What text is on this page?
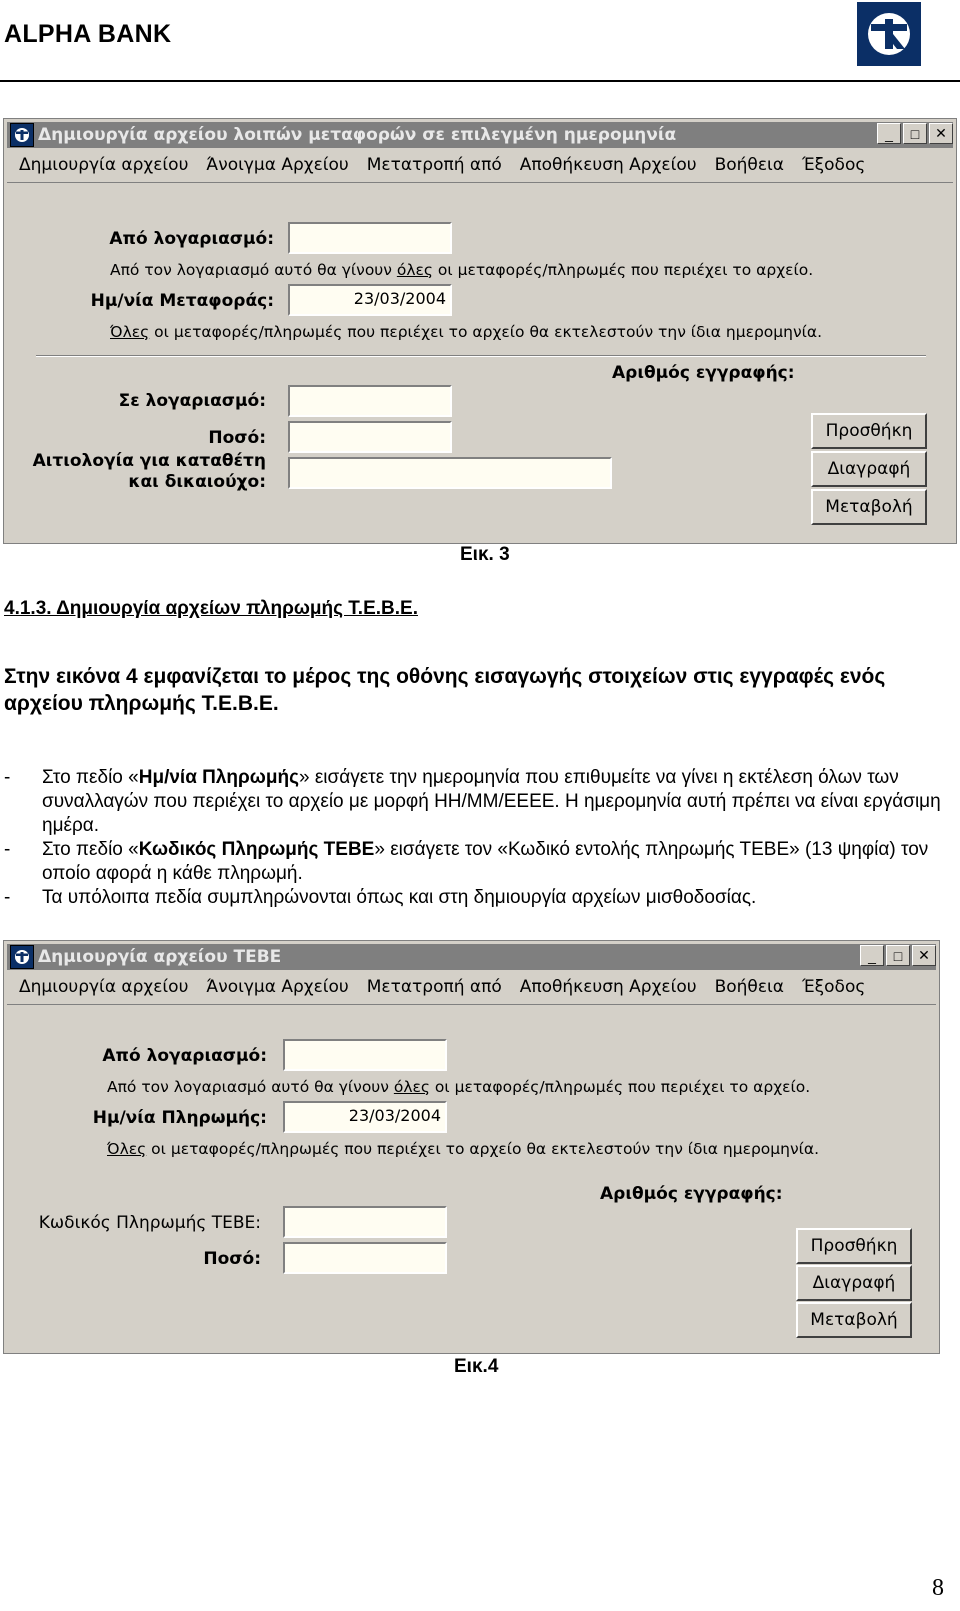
ALPHA BANK
Δημιουργία αρχείου λοιπών μεταφορών σε επιλεγμένη ημερομηνία	_	□	✕
Δημιουργία αρχείου Άνοιγμα Αρχείου Μετατροπή από Αποθήκευση Αρχείου Βοήθεια Έξοδος
Από λογαριασμό:
Από τον λογαριασμό αυτό θα γίνουν όλες οι μεταφορές/πληρωμές που περιέχει το αρχείο.
Ημ/νία Μεταφοράς:	23/03/2004
Όλες οι μεταφορές/πληρωμές που περιέχει το αρχείο θα εκτελεστούν την ίδια ημερομηνία.
Αριθμός εγγραφής:
Σε λογαριασμό:
Ποσό:
Αιτιολογία για καταθέτη
και δικαιούχο:
Προσθήκη
Διαγραφή
Μεταβολή
Εικ. 3
4.1.3. Δημιουργία αρχείων πληρωμής Τ.Ε.Β.Ε.
Στην εικόνα 4 εμφανίζεται το μέρος της οθόνης εισαγωγής στοιχείων στις εγγραφές ενός αρχείου πληρωμής Τ.Ε.Β.Ε.
- Στο πεδίο «Ημ/νία Πληρωμής» εισάγετε την ημερομηνία που επιθυμείτε να γίνει η εκτέλεση όλων των συναλλαγών που περιέχει το αρχείο με μορφή ΗΗ/ΜΜ/ΕΕΕΕ. Η ημερομηνία αυτή πρέπει να είναι εργάσιμη ημέρα.
- Στο πεδίο «Κωδικός Πληρωμής ΤΕΒΕ» εισάγετε τον «Κωδικό εντολής πληρωμής ΤΕΒΕ» (13 ψηφία) τον οποίο αφορά η κάθε πληρωμή.
- Τα υπόλοιπα πεδία συμπληρώνονται όπως και στη δημιουργία αρχείων μισθοδοσίας.
Δημιουργία αρχείου ΤΕΒΕ	_	□	✕
Δημιουργία αρχείου Άνοιγμα Αρχείου Μετατροπή από Αποθήκευση Αρχείου Βοήθεια Έξοδος
Από λογαριασμό:
Από τον λογαριασμό αυτό θα γίνουν όλες οι μεταφορές/πληρωμές που περιέχει το αρχείο.
Ημ/νία Πληρωμής:	23/03/2004
Όλες οι μεταφορές/πληρωμές που περιέχει το αρχείο θα εκτελεστούν την ίδια ημερομηνία.
Αριθμός εγγραφής:
Κωδικός Πληρωμής ΤΕΒΕ:
Ποσό:
Προσθήκη
Διαγραφή
Μεταβολή
Εικ.4
8
